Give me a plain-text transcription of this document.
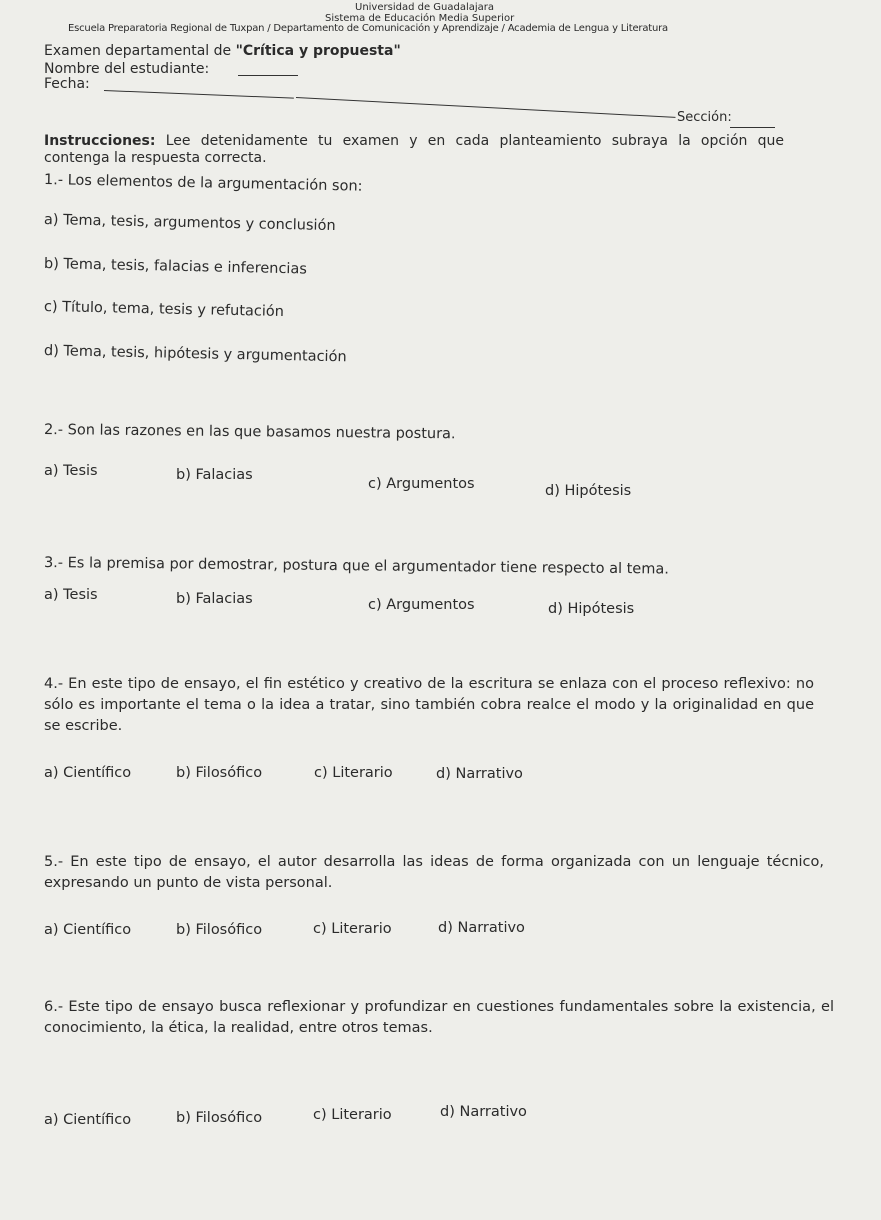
Universidad de Guadalajara
Sistema de Educación Media Superior
Escuela Preparatoria Regional de Tuxpan / Departamento de Comunicación y Aprendizaje / Academia de Lengua y Literatura
Examen departamental de "Crítica y propuesta"
Nombre del estudiante:
Fecha:
Sección:
Instrucciones: Lee detenidamente tu examen y en cada planteamiento subraya la opción que contenga la respuesta correcta.
1.- Los elementos de la argumentación son:
a) Tema, tesis, argumentos y conclusión
b) Tema, tesis, falacias e inferencias
c) Título, tema, tesis y refutación
d) Tema, tesis, hipótesis y argumentación
2.- Son las razones en las que basamos nuestra postura.
a) Tesis	b) Falacias
c) Argumentos	d) Hipótesis
3.- Es la premisa por demostrar, postura que el argumentador tiene respecto al tema.
a) Tesis	b) Falacias	c) Argumentos	d) Hipótesis
4.- En este tipo de ensayo, el fin estético y creativo de la escritura se enlaza con el proceso reflexivo: no sólo es importante el tema o la idea a tratar, sino también cobra realce el modo y la originalidad en que se escribe.
a) Científico	b) Filosófico	c) Literario	d) Narrativo
5.- En este tipo de ensayo, el autor desarrolla las ideas de forma organizada con un lenguaje técnico, expresando un punto de vista personal.
a) Científico	b) Filosófico	c) Literario	d) Narrativo
6.- Este tipo de ensayo busca reflexionar y profundizar en cuestiones fundamentales sobre la existencia, el conocimiento, la ética, la realidad, entre otros temas.
a) Científico	b) Filosófico	c) Literario	d) Narrativo
